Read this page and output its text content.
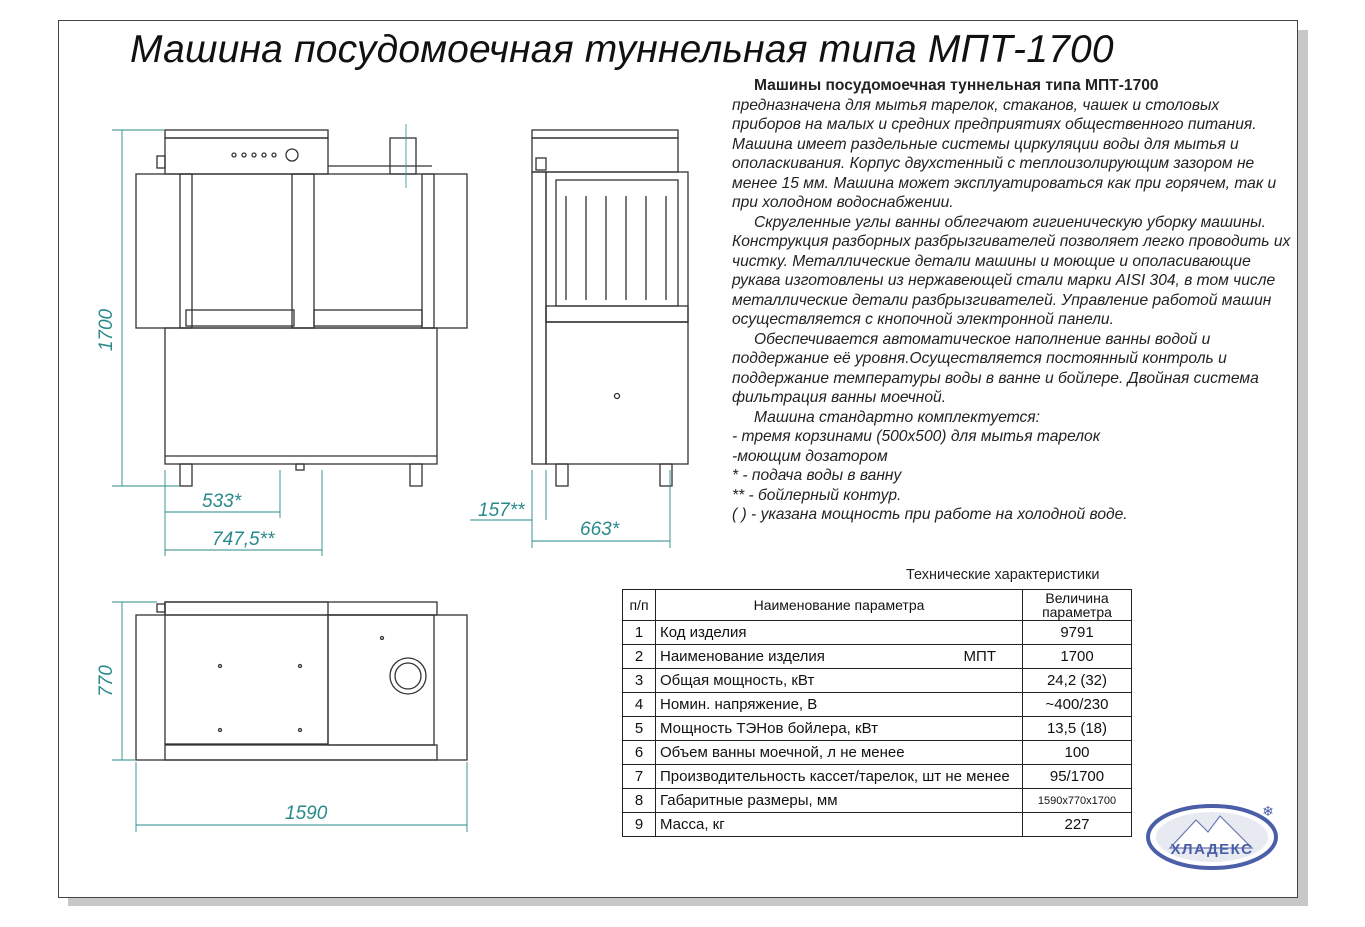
Машина посудомоечная туннельная типа МПТ-1700
Машины посудомоечная туннельная типа МПТ-1700

предназначена для мытья тарелок, стаканов, чашек и столовых приборов на малых и средних предприятиях общественного питания. Машина имеет раздельные системы циркуляции воды для мытья и ополаскивания. Корпус двухстенный с теплоизолирующим зазором не менее 15 мм. Машина может эксплуатироваться как при горячем, так и при холодном водоснабжении.

Скругленные углы ванны облегчают гигиеническую уборку машины. Конструкция разборных разбрызгивателей позволяет легко проводить их чистку. Металлические детали машины и моющие и ополасивающие рукава изготовлены из нержавеющей стали марки AISI 304, в том числе металлические детали разбрызгивателей. Управление работой машин осуществляется с кнопочной электронной панели.

Обеспечивается автоматическое наполнение ванны водой и поддержание её уровня.Осуществляется постоянный контроль и поддержание температуры воды в ванне и бойлере. Двойная система фильтрация ванны моечной.

Машина стандартно комплектуется:

- тремя корзинами (500х500) для мытья тарелок
-моющим дозатором
* - подача воды в ванну
** - бойлерный контур.
( ) - указана мощность при работе на холодной воде.
1700
533*
747,5**
157**
663*
770
1590
Технические характеристики
п/п	Наименование параметра	Величина параметра
1	Код изделия	9791
2	Наименование изделия МПТ	1700
3	Общая мощность, кВт	24,2 (32)
4	Номин. напряжение, В	~400/230
5	Мощность ТЭНов бойлера, кВт	13,5 (18)
6	Объем ванны моечной, л не менее	100
7	Производительность кассет/тарелок, шт не менее	95/1700
8	Габаритные размеры, мм	1590х770х1700
9	Масса, кг	227
ХЛАДЕКС
❄
